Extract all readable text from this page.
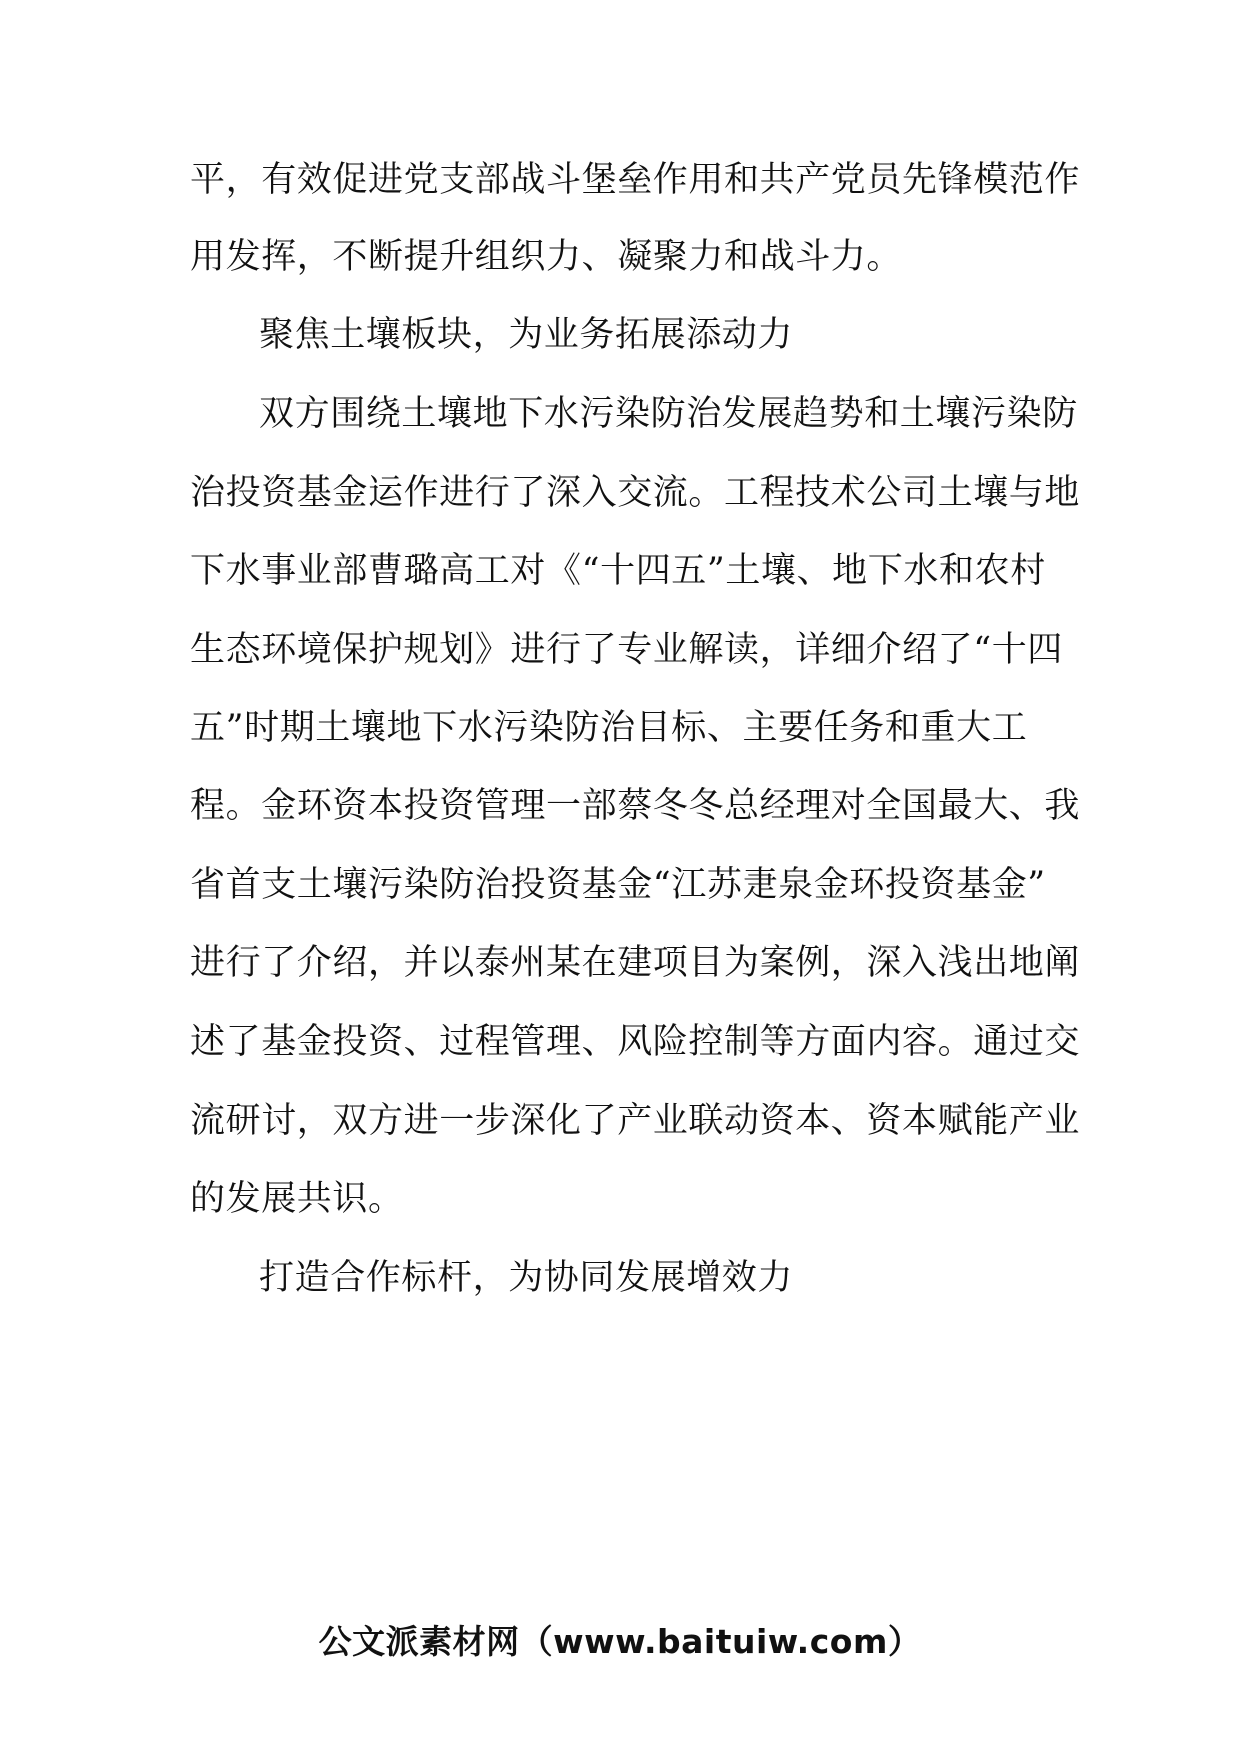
平，有效促进党支部战斗堡垒作用和共产党员先锋模范作
用发挥，不断提升组织力、凝聚力和战斗力。
聚焦土壤板块，为业务拓展添动力
双方围绕土壤地下水污染防治发展趋势和土壤污染防
治投资基金运作进行了深入交流。工程技术公司土壤与地
下水事业部曹璐高工对《“十四五”土壤、地下水和农村
生态环境保护规划》进行了专业解读，详细介绍了“十四
五”时期土壤地下水污染防治目标、主要任务和重大工
程。金环资本投资管理一部蔡冬冬总经理对全国最大、我
省首支土壤污染防治投资基金“江苏疌泉金环投资基金”
进行了介绍，并以泰州某在建项目为案例，深入浅出地阐
述了基金投资、过程管理、风险控制等方面内容。通过交
流研讨，双方进一步深化了产业联动资本、资本赋能产业
的发展共识。
打造合作标杆，为协同发展增效力
公文派素材网（www.baituiw.com）
